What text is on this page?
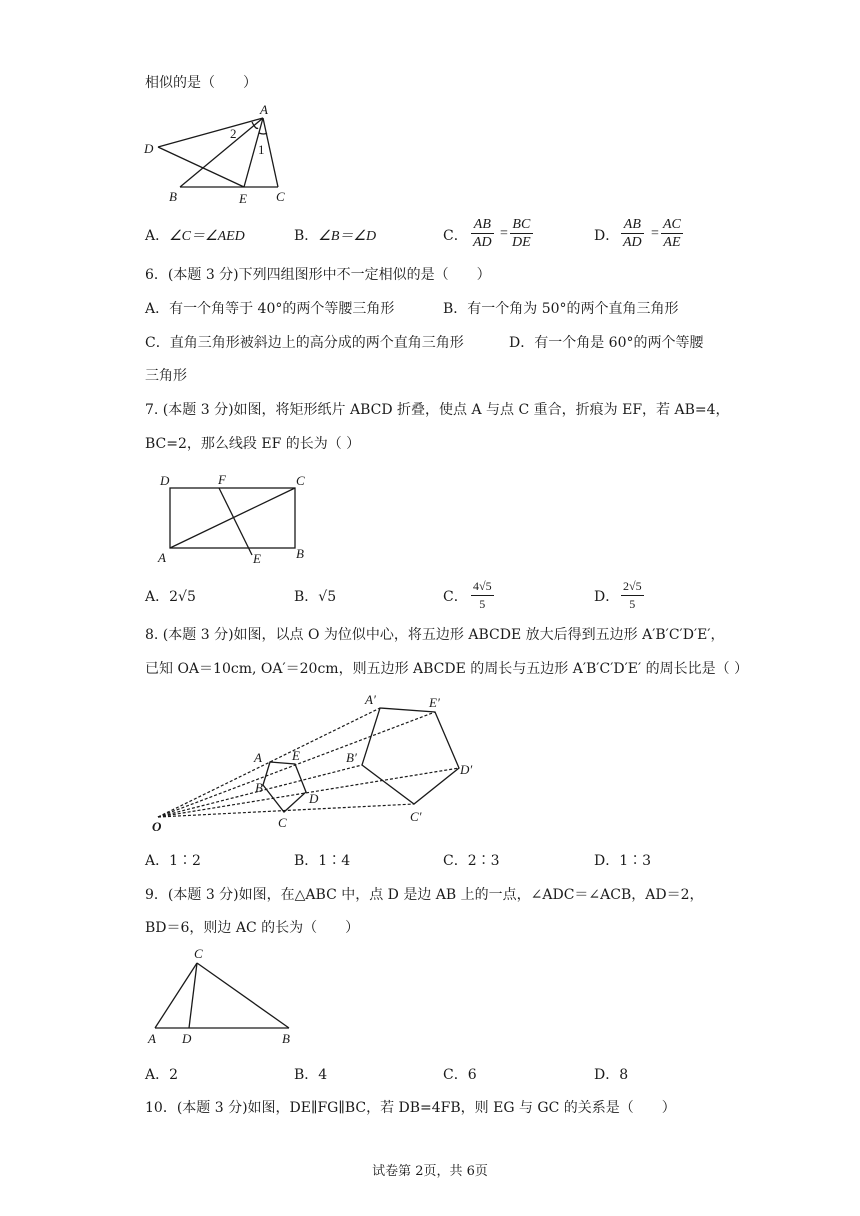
相似的是（　　）
A
D
B	E C
1
2
A．∠C＝∠AED	B．∠B＝∠D	C． $\frac{AB}{AD} = \frac{BC}{DE}$	D． $\frac{AB}{AD} = \frac{AC}{AE}$
6．(本题 3 分)下列四组图形中不一定相似的是（　　）
A．有一个角等于 40°的两个等腰三角形	B．有一个角为 50°的两个直角三角形
C．直角三角形被斜边上的高分成的两个直角三角形	D．有一个角是 60°的两个等腰
三角形
7. (本题 3 分)如图，将矩形纸片 ABCD 折叠，使点 A 与点 C 重合，折痕为 EF，若 AB=4，
BC=2，那么线段 EF 的长为（ ）
D	F	C
A	E	B
A．2√5	B．√5	C． $\frac{4√5}{5}$	D． $\frac{2√5}{5}$
8. (本题 3 分)如图，以点 O 为位似中心，将五边形 ABCDE 放大后得到五边形 A′B′C′D′E′，
已知 OA＝10cm, OA′＝20cm，则五边形 ABCDE 的周长与五边形 A′B′C′D′E′ 的周长比是（ ）
O
A E
B
D
C
A′	E′
B′
D′
C′
A．1∶2	B．1∶4	C．2∶3	D．1∶3
9．(本题 3 分)如图，在△ABC 中，点 D 是边 AB 上的一点，∠ADC＝∠ACB，AD＝2，
BD＝6，则边 AC 的长为（　　）
C
A D	B
A．2	B．4	C．6	D．8
10．(本题 3 分)如图，DE∥FG∥BC，若 DB=4FB，则 EG 与 GC 的关系是（　　）
试卷第 2页，共 6页
